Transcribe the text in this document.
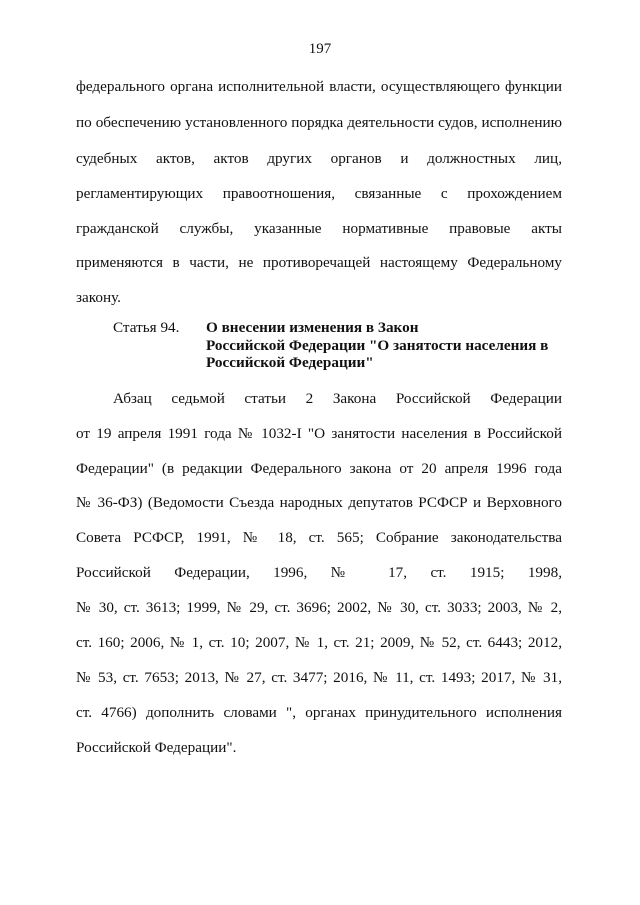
197
федерального органа исполнительной власти, осуществляющего функции
по обеспечению установленного порядка деятельности судов, исполнению
судебных актов, актов других органов и должностных лиц,
регламентирующих правоотношения, связанные с прохождением
гражданской службы, указанные нормативные правовые акты
применяются в части, не противоречащей настоящему Федеральному
закону.
Статья 94. О внесении изменения в Закон
Российской Федерации "О занятости населения в
Российской Федерации"
Абзац седьмой статьи 2 Закона Российской Федерации
от 19 апреля 1991 года № 1032-I "О занятости населения в Российской
Федерации" (в редакции Федерального закона от 20 апреля 1996 года
№ 36-ФЗ) (Ведомости Съезда народных депутатов РСФСР и Верховного
Совета РСФСР, 1991, № 18, ст. 565; Собрание законодательства
Российской Федерации, 1996, № 17, ст. 1915; 1998,
№ 30, ст. 3613; 1999, № 29, ст. 3696; 2002, № 30, ст. 3033; 2003, № 2,
ст. 160; 2006, № 1, ст. 10; 2007, № 1, ст. 21; 2009, № 52, ст. 6443; 2012,
№ 53, ст. 7653; 2013, № 27, ст. 3477; 2016, № 11, ст. 1493; 2017, № 31,
ст. 4766) дополнить словами ", органах принудительного исполнения
Российской Федерации".
